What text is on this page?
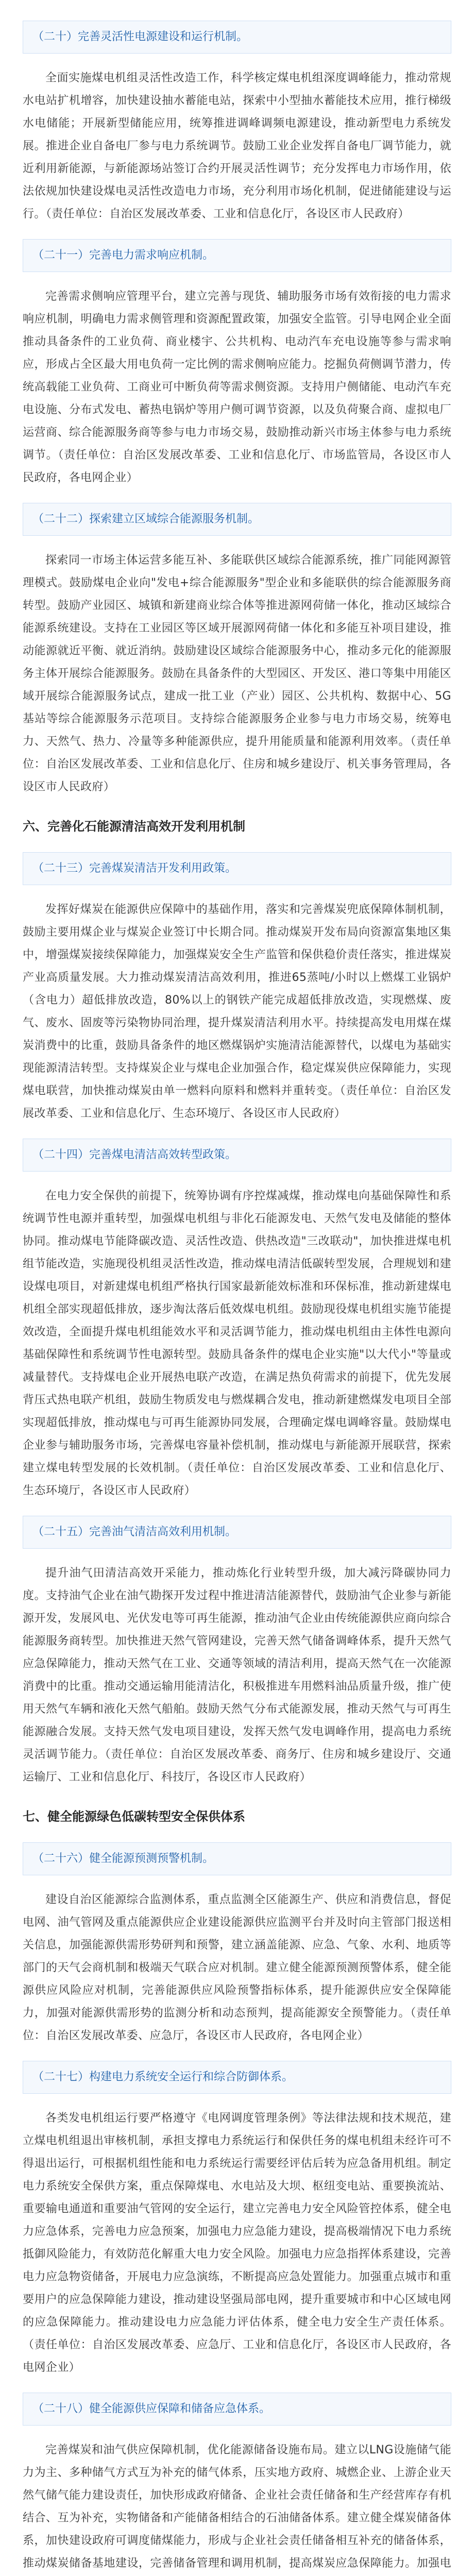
（二十）完善灵活性电源建设和运行机制。

全面实施煤电机组灵活性改造工作，科学核定煤电机组深度调峰能力，推动常规水电站扩机增容，加快建设抽水蓄能电站，探索中小型抽水蓄能技术应用，推行梯级水电储能；开展新型储能应用，统筹推进调峰调频电源建设，推动新型电力系统发展。推进企业自备电厂参与电力系统调节。鼓励工业企业发挥自备电厂调节能力，就近利用新能源，与新能源场站签订合约开展灵活性调节；充分发挥电力市场作用，依法依规加快建设煤电灵活性改造电力市场，充分利用市场化机制，促进储能建设与运行。（责任单位：自治区发展改革委、工业和信息化厅，各设区市人民政府）

（二十一）完善电力需求响应机制。

完善需求侧响应管理平台，建立完善与现货、辅助服务市场有效衔接的电力需求响应机制，明确电力需求侧管理和资源配置政策，加强安全监管。引导电网企业全面推动具备条件的工业负荷、商业楼宇、公共机构、电动汽车充电设施等参与需求响应，形成占全区最大用电负荷一定比例的需求侧响应能力。挖掘负荷侧调节潜力，传统高载能工业负荷、工商业可中断负荷等需求侧资源。支持用户侧储能、电动汽车充电设施、分布式发电、蓄热电锅炉等用户侧可调节资源，以及负荷聚合商、虚拟电厂运营商、综合能源服务商等参与电力市场交易，鼓励推动新兴市场主体参与电力系统调节。（责任单位：自治区发展改革委、工业和信息化厅、市场监管局，各设区市人民政府，各电网企业）

（二十二）探索建立区域综合能源服务机制。

探索同一市场主体运营多能互补、多能联供区域综合能源系统，推广同能网源管理模式。鼓励煤电企业向"发电+综合能源服务"型企业和多能联供的综合能源服务商转型。鼓励产业园区、城镇和新建商业综合体等推进源网荷储一体化，推动区域综合能源系统建设。支持在工业园区等区域开展源网荷储一体化和多能互补项目建设，推动能源就近平衡、就近消纳。鼓励建设区域综合能源服务中心，推动多元化的能源服务主体开展综合能源服务。鼓励在具备条件的大型园区、开发区、港口等集中用能区域开展综合能源服务试点，建成一批工业（产业）园区、公共机构、数据中心、5G基站等综合能源服务示范项目。支持综合能源服务企业参与电力市场交易，统筹电力、天然气、热力、冷量等多种能源供应，提升用能质量和能源利用效率。（责任单位：自治区发展改革委、工业和信息化厅、住房和城乡建设厅、机关事务管理局，各设区市人民政府）

六、完善化石能源清洁高效开发利用机制
（二十三）完善煤炭清洁开发利用政策。

发挥好煤炭在能源供应保障中的基础作用，落实和完善煤炭兜底保障体制机制，鼓励主要用煤企业与煤炭企业签订中长期合同。推动煤炭开发布局向资源富集地区集中，增强煤炭接续保障能力，加强煤炭安全生产监管和保供稳价责任落实，推进煤炭产业高质量发展。大力推动煤炭清洁高效利用，推进65蒸吨/小时以上燃煤工业锅炉（含电力）超低排放改造，80%以上的钢铁产能完成超低排放改造，实现燃煤、废气、废水、固废等污染物协同治理，提升煤炭清洁利用水平。持续提高发电用煤在煤炭消费中的比重，鼓励具备条件的地区燃煤锅炉实施清洁能源替代，以煤电为基础实现能源清洁转型。支持煤炭企业与煤电企业加强合作，稳定煤炭供应保障能力，实现煤电联营，加快推动煤炭由单一燃料向原料和燃料并重转变。（责任单位：自治区发展改革委、工业和信息化厅、生态环境厅、各设区市人民政府）

（二十四）完善煤电清洁高效转型政策。

在电力安全保供的前提下，统筹协调有序控煤减煤，推动煤电向基础保障性和系统调节性电源并重转型，加强煤电机组与非化石能源发电、天然气发电及储能的整体协同。推动煤电节能降碳改造、灵活性改造、供热改造"三改联动"，加快推进煤电机组节能改造，实施现役机组灵活性改造，推动煤电清洁低碳转型发展，合理规划和建设煤电项目，对新建煤电机组严格执行国家最新能效标准和环保标准，推动新建煤电机组全部实现超低排放，逐步淘汰落后低效煤电机组。鼓励现役煤电机组实施节能提效改造，全面提升煤电机组能效水平和灵活调节能力，推动煤电机组由主体性电源向基础保障性和系统调节性电源转型。鼓励具备条件的煤电企业实施"以大代小"等量或减量替代。支持煤电企业开展热电联产改造，在满足热负荷需求的前提下，优先发展背压式热电联产机组，鼓励生物质发电与燃煤耦合发电，推动新建燃煤发电项目全部实现超低排放，推动煤电与可再生能源协同发展，合理确定煤电调峰容量。鼓励煤电企业参与辅助服务市场，完善煤电容量补偿机制，推动煤电与新能源开展联营，探索建立煤电转型发展的长效机制。（责任单位：自治区发展改革委、工业和信息化厅、生态环境厅，各设区市人民政府）

（二十五）完善油气清洁高效利用机制。

提升油气田清洁高效开采能力，推动炼化行业转型升级，加大减污降碳协同力度。支持油气企业在油气勘探开发过程中推进清洁能源替代，鼓励油气企业参与新能源开发，发展风电、光伏发电等可再生能源，推动油气企业由传统能源供应商向综合能源服务商转型。加快推进天然气管网建设，完善天然气储备调峰体系，提升天然气应急保障能力，推动天然气在工业、交通等领域的清洁利用，提高天然气在一次能源消费中的比重。推动交通运输用能清洁化，积极推进车用燃料油品质量升级，推广使用天然气车辆和液化天然气船舶。鼓励天然气分布式能源发展，推动天然气与可再生能源融合发展。支持天然气发电项目建设，发挥天然气发电调峰作用，提高电力系统灵活调节能力。（责任单位：自治区发展改革委、商务厅、住房和城乡建设厅、交通运输厅、工业和信息化厅、科技厅，各设区市人民政府）

七、健全能源绿色低碳转型安全保供体系
（二十六）健全能源预测预警机制。

建设自治区能源综合监测体系，重点监测全区能源生产、供应和消费信息，督促电网、油气管网及重点能源供应企业建设能源供应监测平台并及时向主管部门报送相关信息，加强能源供需形势研判和预警，建立涵盖能源、应急、气象、水利、地质等部门的天气会商机制和极端天气联合应对机制。建立健全能源预测预警体系，健全能源供应风险应对机制，完善能源供应风险预警指标体系，提升能源供应安全保障能力，加强对能源供需形势的监测分析和动态预判，提高能源安全预警能力。（责任单位：自治区发展改革委、应急厅，各设区市人民政府，各电网企业）

（二十七）构建电力系统安全运行和综合防御体系。

各类发电机组运行要严格遵守《电网调度管理条例》等法律法规和技术规范，建立煤电机组退出审核机制，承担支撑电力系统运行和保供任务的煤电机组未经许可不得退出运行，可根据机组性能和电力系统运行需要经评估后转为应急备用机组。制定电力系统安全保供方案，重点保障煤电、水电站及大坝、枢纽变电站、重要换流站、重要输电通道和重要油气管网的安全运行，建立完善电力安全风险管控体系，健全电力应急体系，完善电力应急预案，加强电力应急能力建设，提高极端情况下电力系统抵御风险能力，有效防范化解重大电力安全风险。加强电力应急指挥体系建设，完善电力应急物资储备，开展电力应急演练，不断提高应急处置能力。加强重点城市和重要用户的应急保障能力建设，推动建设坚强局部电网，提升重要城市和中心区域电网的应急保障能力。推动建设电力应急能力评估体系，健全电力安全生产责任体系。（责任单位：自治区发展改革委、应急厅、工业和信息化厅，各设区市人民政府，各电网企业）

（二十八）健全能源供应保障和储备应急体系。

完善煤炭和油气供应保障机制，优化能源储备设施布局。建立以LNG设施储气能力为主、多种储气方式互为补充的储气体系，压实地方政府、城燃企业、上游企业天然气储气能力建设责任，加快形成政府储备、企业社会责任储备和生产经营库存有机结合、互为补充，实物储备和产能储备相结合的石油储备体系。建立健全煤炭储备体系，加快建设政府可调度储煤能力，形成与企业社会责任储备相互补充的储备体系，推动煤炭储备基地建设，完善储备管理和调用机制，提高煤炭应急保障能力。加强电
